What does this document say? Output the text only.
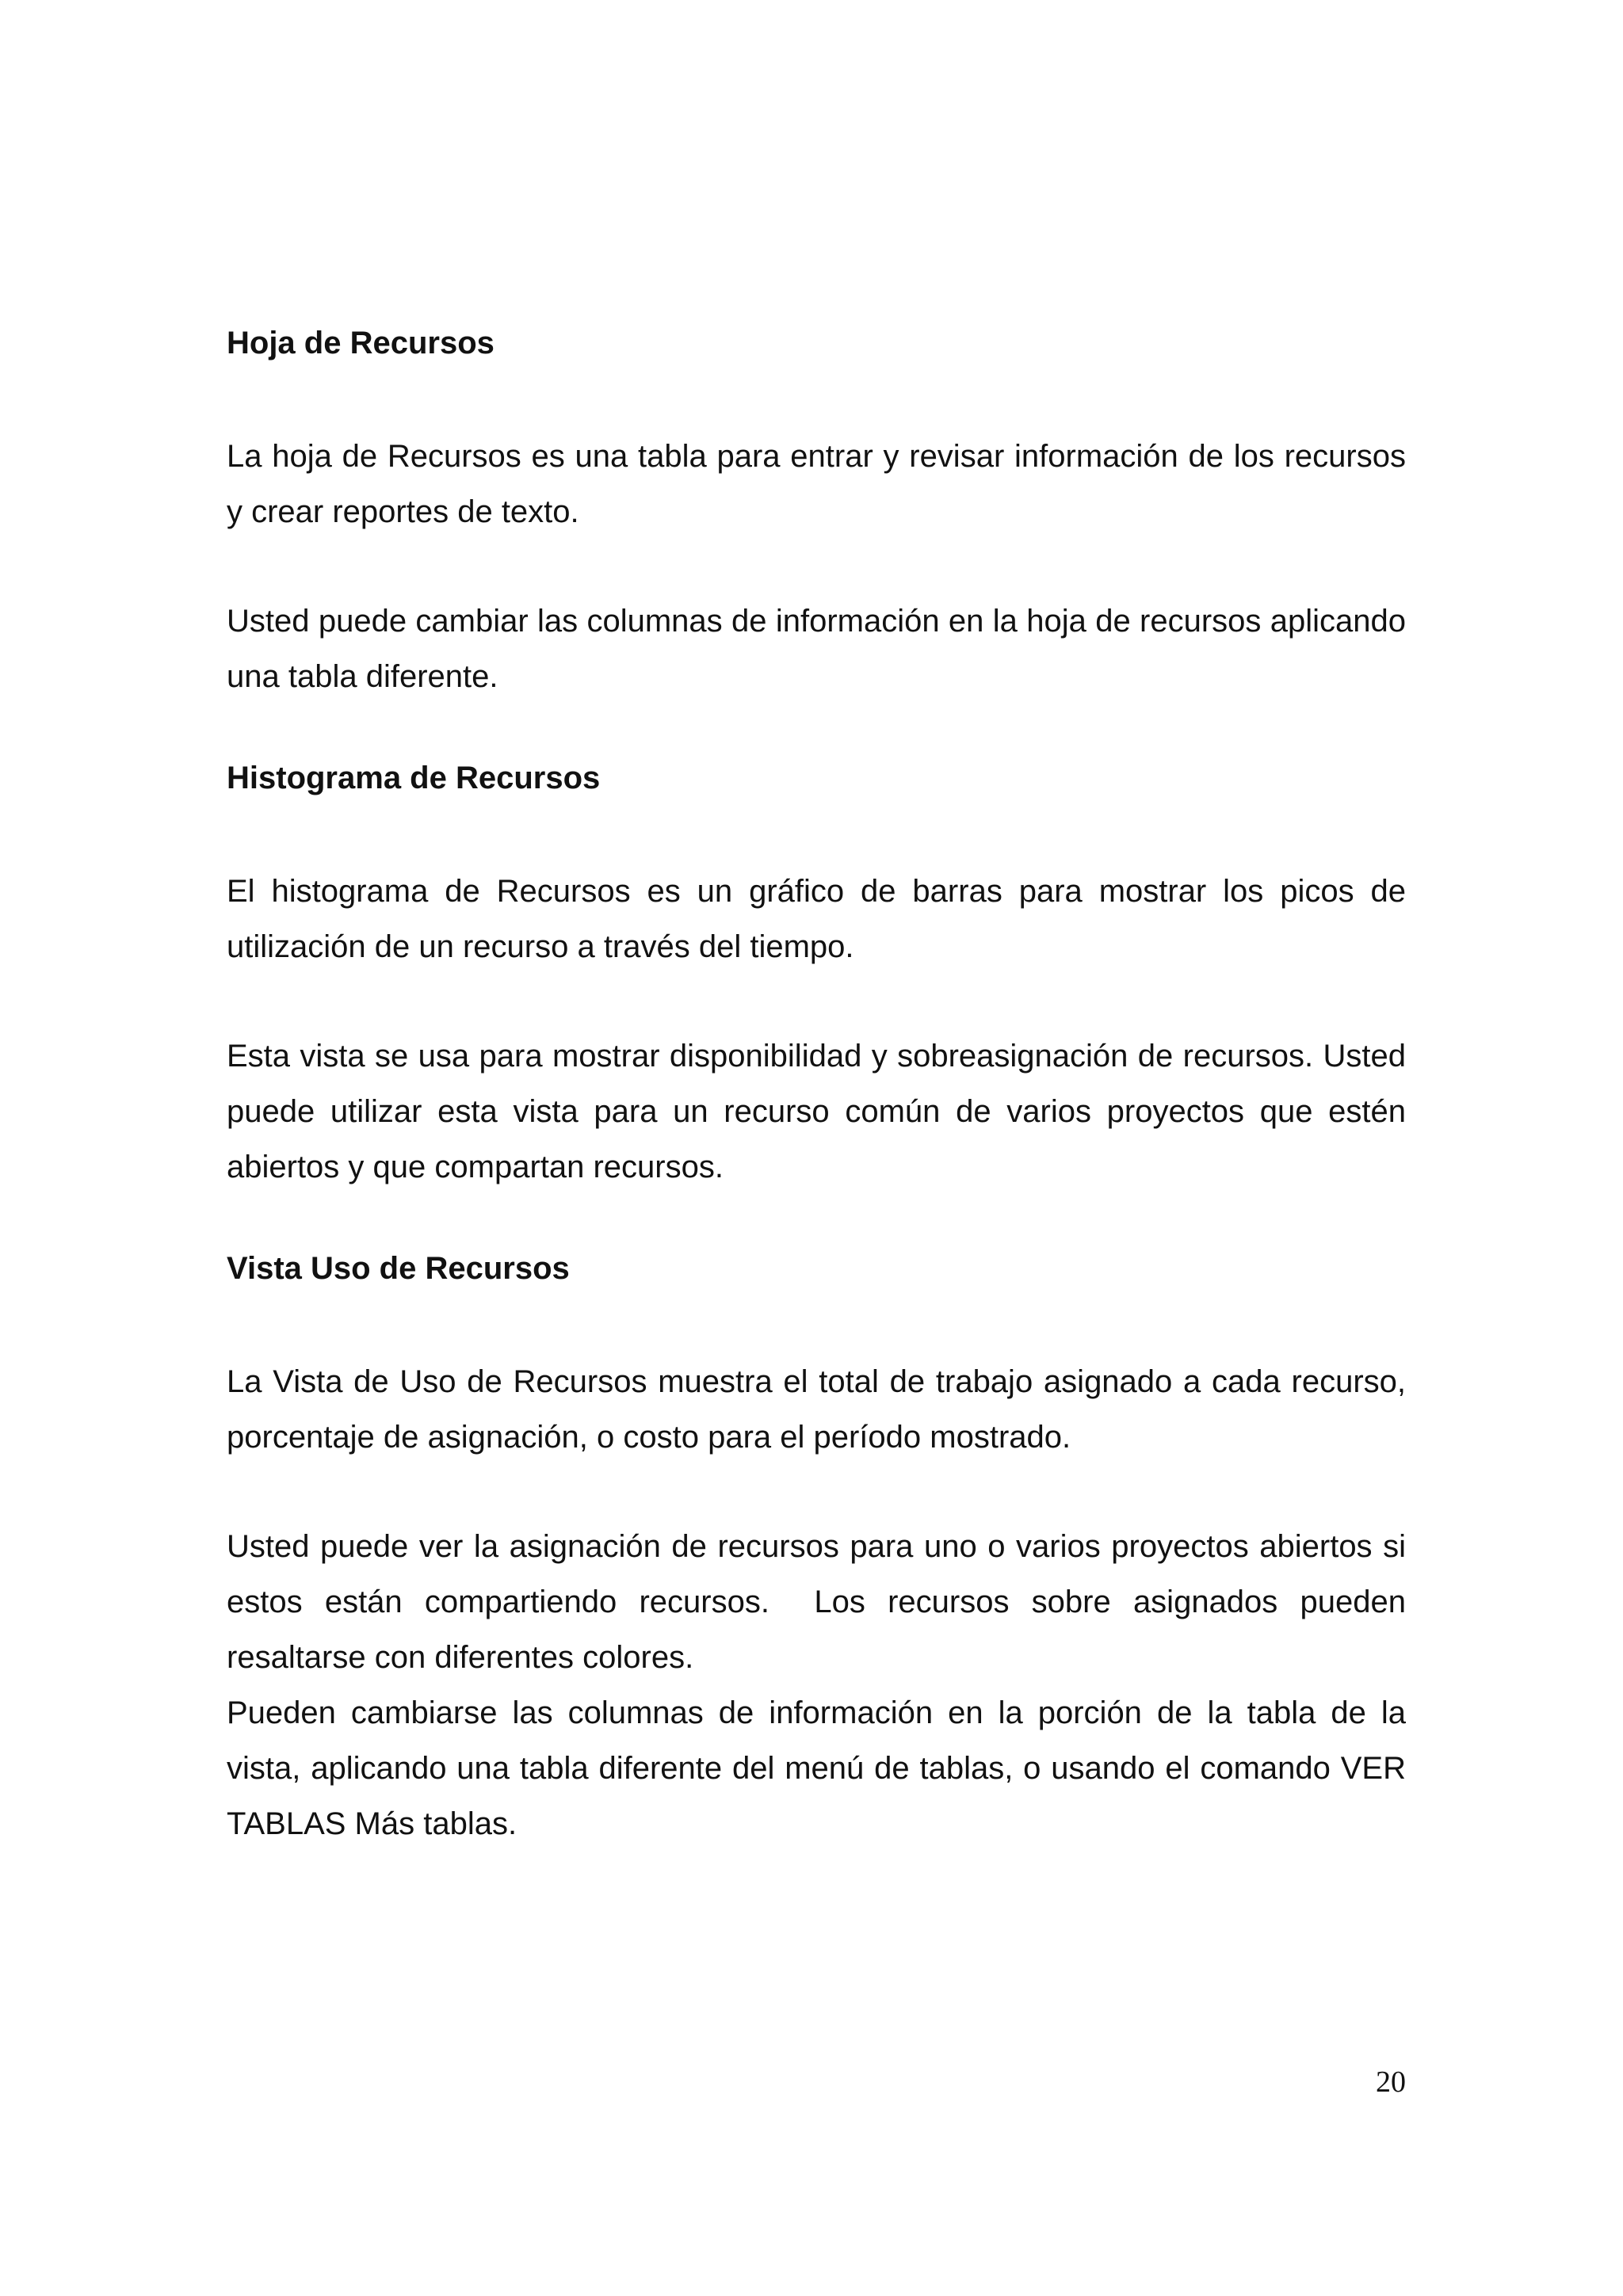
Hoja de Recursos

La hoja de Recursos es una tabla para entrar y revisar información de los recursos y crear reportes de texto.

Usted puede cambiar las columnas de información en la hoja de recursos aplicando una tabla diferente.

Histograma de Recursos

El histograma de Recursos es un gráfico de barras para mostrar los picos de utilización de un recurso a través del tiempo.

Esta vista se usa para mostrar disponibilidad y sobreasignación de recursos. Usted puede utilizar esta vista para un recurso común de varios proyectos que estén abiertos y que compartan recursos.

Vista Uso de Recursos

La Vista de Uso de Recursos muestra el total de trabajo asignado a cada recurso, porcentaje de asignación, o costo para el período mostrado.

Usted puede ver la asignación de recursos para uno o varios proyectos abiertos si estos están compartiendo recursos.  Los recursos sobre asignados pueden resaltarse con diferentes colores.

Pueden cambiarse las columnas de información en la porción de la tabla de la vista, aplicando una tabla diferente del menú de tablas, o usando el comando VER TABLAS Más tablas.

20
